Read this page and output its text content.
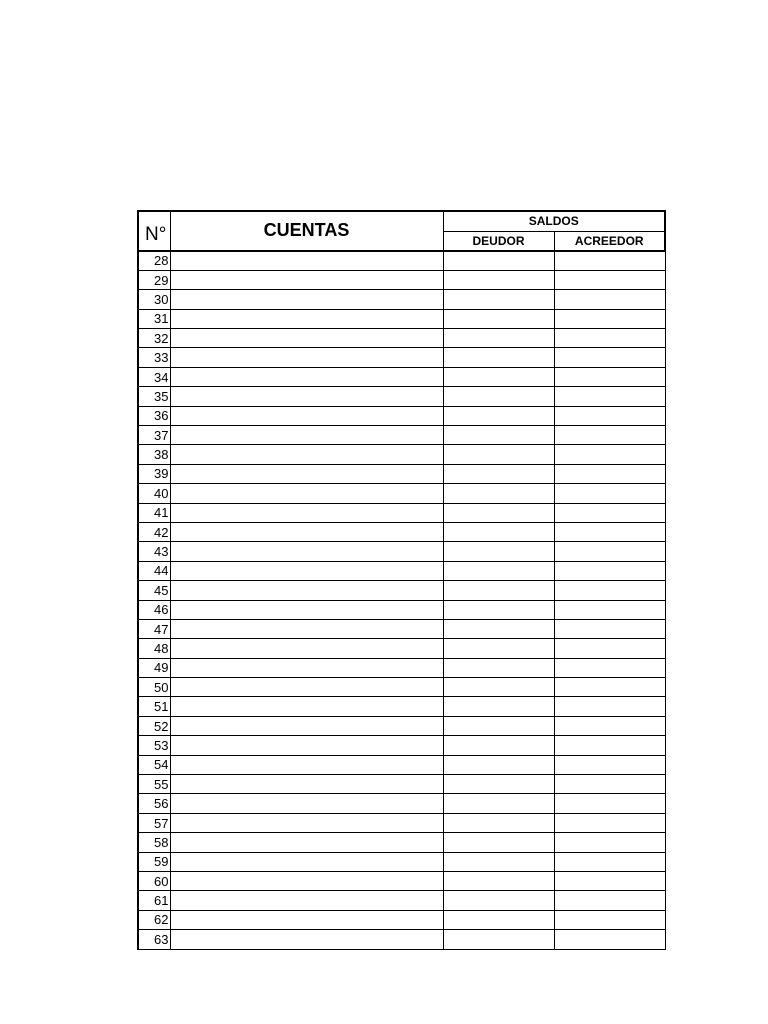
N°	CUENTAS	SALDOS	
		DEUDOR	ACREEDOR
28			
29			
30			
31			
32			
33			
34			
35			
36			
37			
38			
39			
40			
41			
42			
43			
44			
45			
46			
47			
48			
49			
50			
51			
52			
53			
54			
55			
56			
57			
58			
59			
60			
61			
62			
63			
